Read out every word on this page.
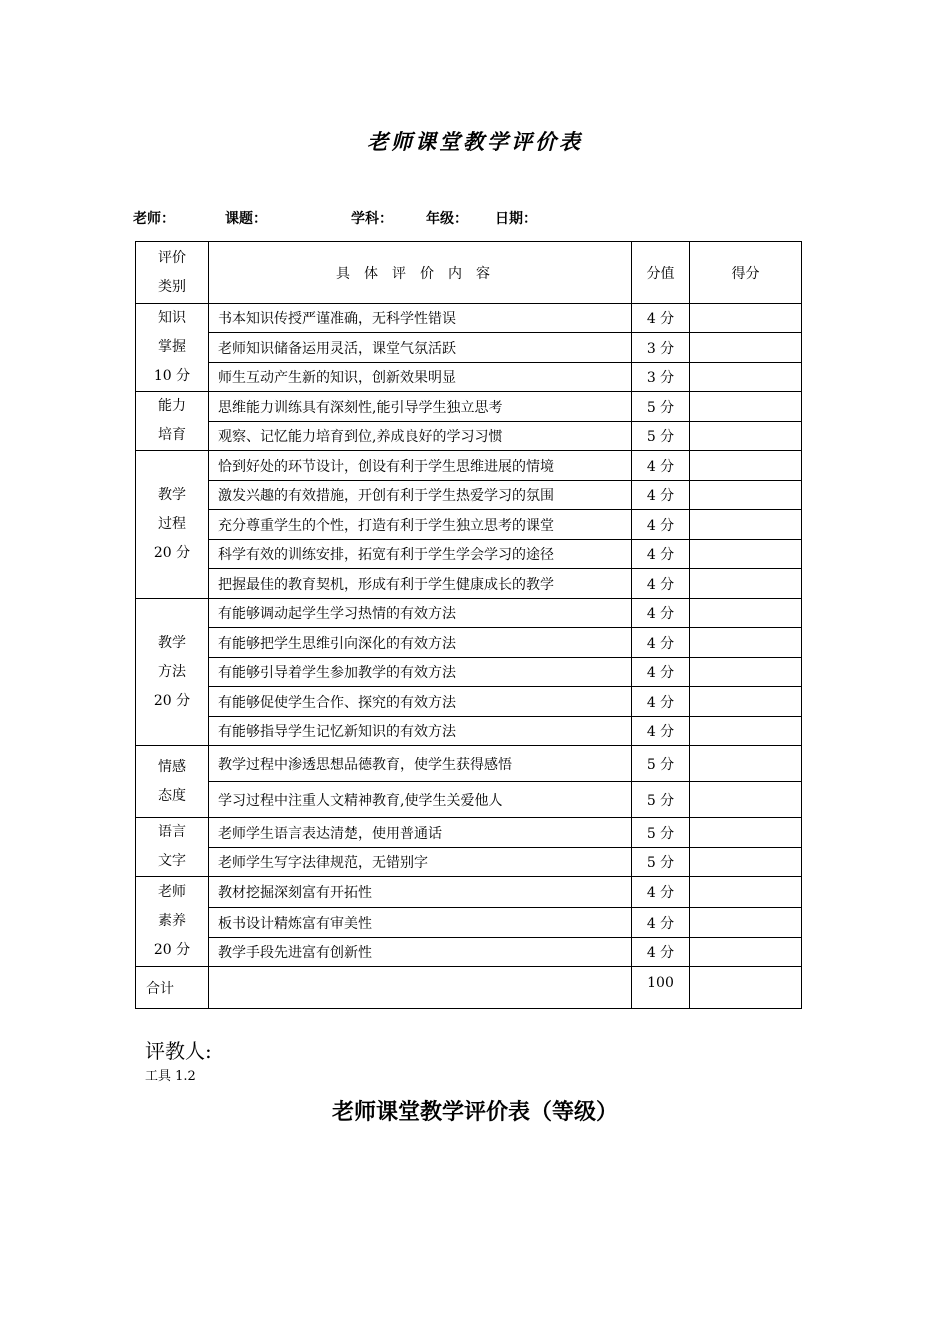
老师课堂教学评价表
老师：	课题：	学科： 年级： 日期：
评价
类别	具体评价内容	分值	得分

知识
掌握
10 分	书本知识传授严谨准确，无科学性错误	4 分	
	老师知识储备运用灵活，课堂气氛活跃	3 分	
	师生互动产生新的知识，创新效果明显	3 分	

能力
培育	思维能力训练具有深刻性,能引导学生独立思考	5 分	
	观察、记忆能力培育到位,养成良好的学习习惯	5 分	

教学
过程
20 分	恰到好处的环节设计，创设有利于学生思维进展的情境	4 分	
	激发兴趣的有效措施，开创有利于学生热爱学习的氛围	4 分	
	充分尊重学生的个性，打造有利于学生独立思考的课堂	4 分	
	科学有效的训练安排，拓宽有利于学生学会学习的途径	4 分	
	把握最佳的教育契机，形成有利于学生健康成长的教学	4 分	

教学
方法
20 分	有能够调动起学生学习热情的有效方法	4 分	
	有能够把学生思维引向深化的有效方法	4 分	
	有能够引导着学生参加教学的有效方法	4 分	
	有能够促使学生合作、探究的有效方法	4 分	
	有能够指导学生记忆新知识的有效方法	4 分	

情感
态度	教学过程中渗透思想品德教育，使学生获得感悟	5 分	
	学习过程中注重人文精神教育,使学生关爱他人	5 分	

语言
文字	老师学生语言表达清楚，使用普通话	5 分	
	老师学生写字法律规范，无错别字	5 分	

老师
素养
20 分	教材挖掘深刻富有开拓性	4 分	
	板书设计精炼富有审美性	4 分	
	教学手段先进富有创新性	4 分	
合计		100	
评教人:
工具 1.2
老师课堂教学评价表（等级）
